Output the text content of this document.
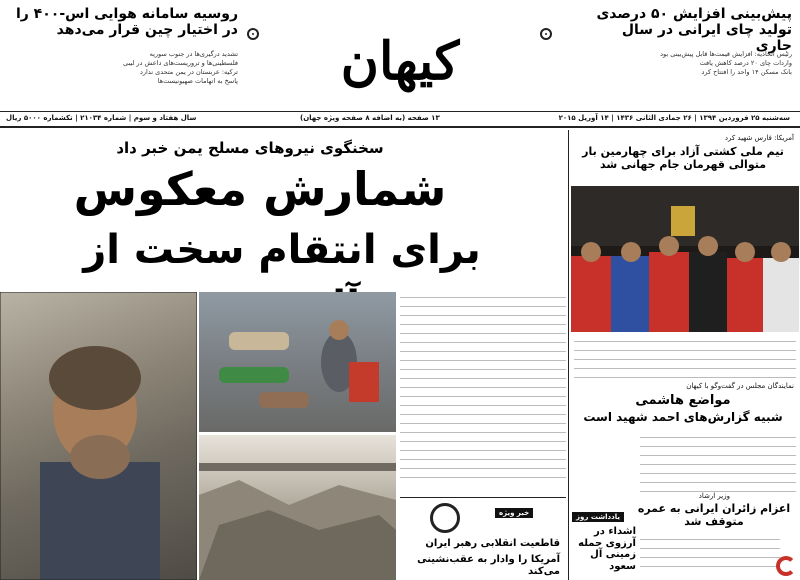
پیش‌بینی افزایش ۵۰ درصدی تولید چای ایرانی در سال جاری
رئیس اتحادیه: افزایش قیمت‌ها قابل پیش‌بینی بود
واردات چای ۲۰ درصد کاهش یافت
بانک مسکن ۱۴ واحد را افتتاح کرد
روسیه سامانه هوایی اس-۴۰۰ را در اختیار چین قرار می‌دهد
تشدید درگیری‌ها در جنوب سوریه
فلسطینی‌ها و تروریست‌های داعش در لیبی
ترکیه: عربستان در یمن متحدی ندارد
پاسخ به اتهامات صهیونیست‌ها	کیهان
سه‌شنبه ۲۵ فروردین ۱۳۹۴ | ۲۶ جمادی الثانی ۱۴۳۶ | ۱۴ آوریل ۲۰۱۵
۱۳ صفحه (به اضافه ۸ صفحه ویژه جهان)
سال هفتاد و سوم | شماره ۲۱۰۳۴ | تکشماره ۵۰۰۰ ریال
سخنگوی نیروهای مسلح یمن خبر داد
شمارش معکوس
برای انتقام سخت از
خبر ویژه
قاطعیت انقلابی رهبر ایران
آمریکا را وادار به عقب‌نشینی می‌کند
آمریکا: فارس شهید کرد
تیم ملی کشتی آزاد برای چهارمین بار متوالی قهرمان جام جهانی شد
نمایندگان مجلس در گفت‌وگو با کیهان
مواضع هاشمی
شبیه گزارش‌های احمد شهید است
یادداشت روز
اشداء در آرزوی حمله زمینی آل سعود
وزیر ارشاد
اعزام زائران ایرانی به عمره متوقف شد
